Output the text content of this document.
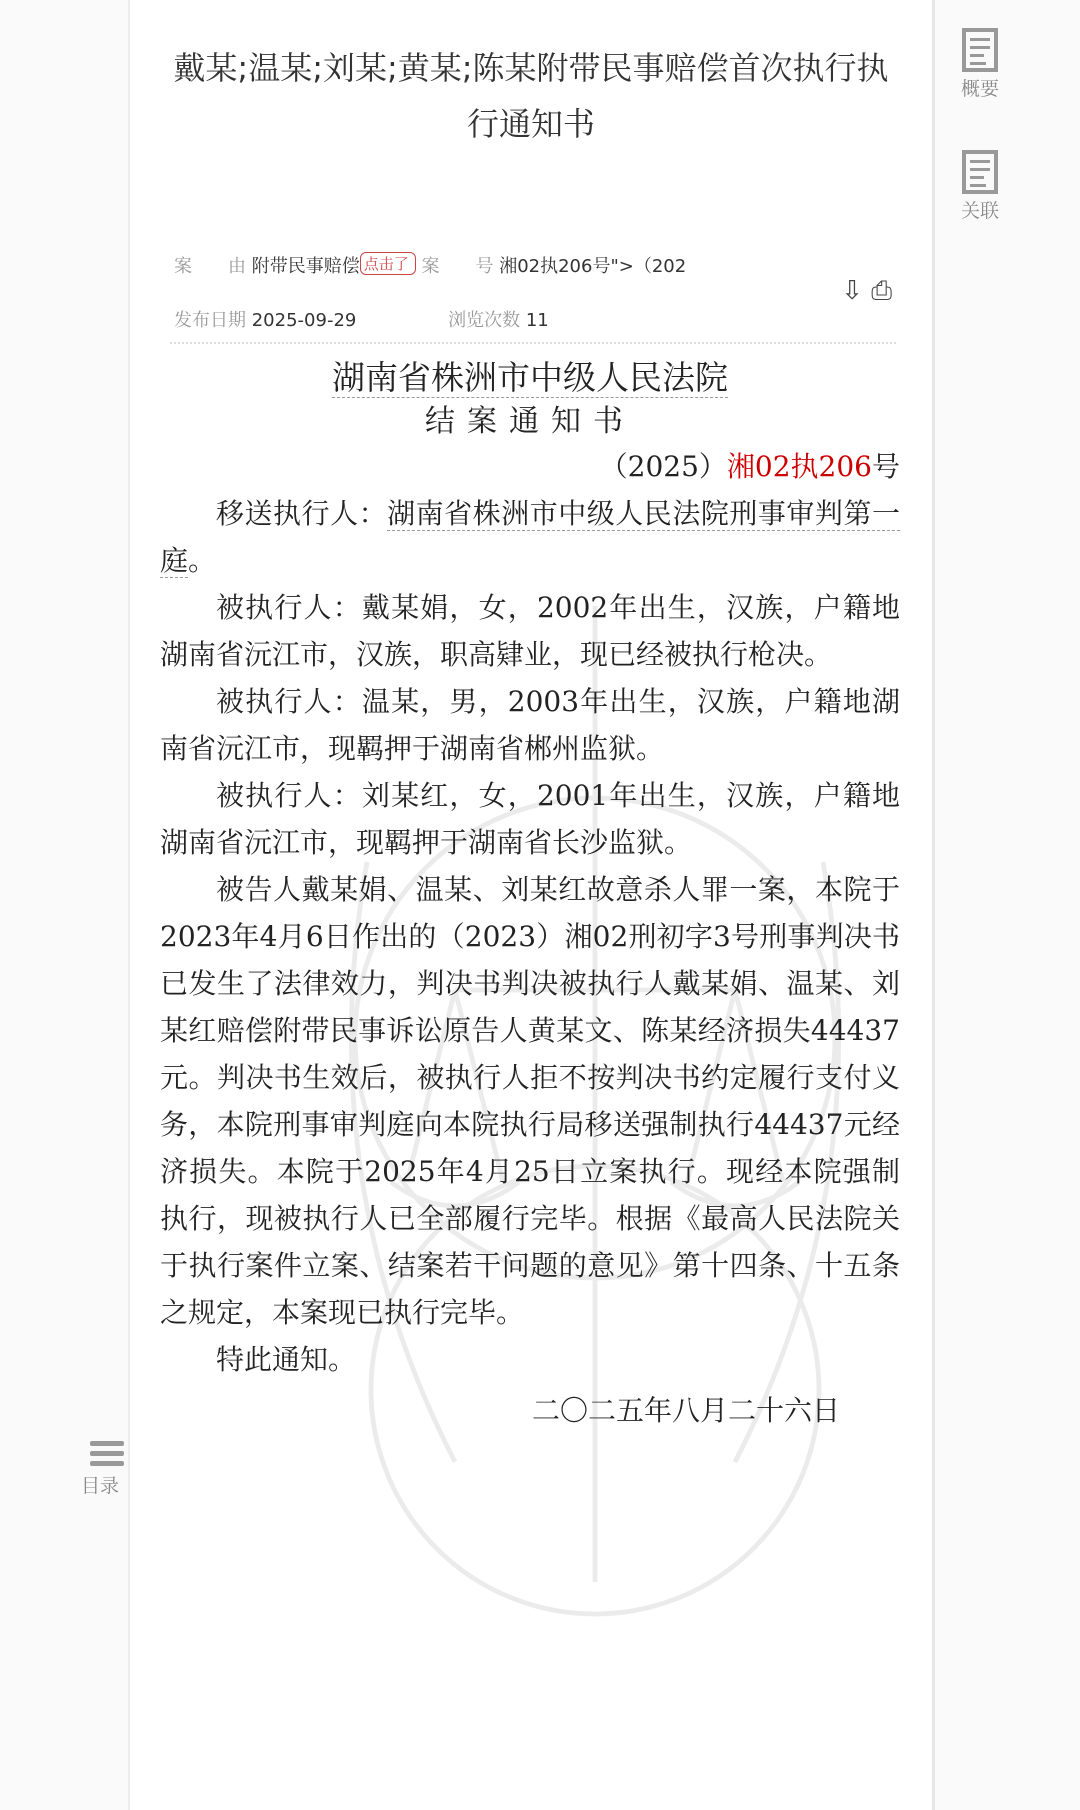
戴某;温某;刘某;黄某;陈某附带民事赔偿首次执行执行通知书
案　　由 附带民事赔偿 点击了 案　　号 湘02执206号">（202
发布日期 2025-09-29	浏览次数 11
⇩ ⎙
湖南省株洲市中级人民法院
结案通知书
（2025）湘02执206号

移送执行人：湖南省株洲市中级人民法院刑事审判第一庭。

被执行人：戴某娟，女，2002年出生，汉族，户籍地湖南省沅江市，汉族，职高肄业，现已经被执行枪决。

被执行人：温某，男，2003年出生，汉族，户籍地湖南省沅江市，现羁押于湖南省郴州监狱。

被执行人：刘某红，女，2001年出生，汉族，户籍地湖南省沅江市，现羁押于湖南省长沙监狱。

被告人戴某娟、温某、刘某红故意杀人罪一案，本院于2023年4月6日作出的（2023）湘02刑初字3号刑事判决书已发生了法律效力，判决书判决被执行人戴某娟、温某、刘某红赔偿附带民事诉讼原告人黄某文、陈某经济损失44437元。判决书生效后，被执行人拒不按判决书约定履行支付义务，本院刑事审判庭向本院执行局移送强制执行44437元经济损失。本院于2025年4月25日立案执行。现经本院强制执行，现被执行人已全部履行完毕。根据《最高人民法院关于执行案件立案、结案若干问题的意见》第十四条、十五条之规定，本案现已执行完毕。

特此通知。

二〇二五年八月二十六日
概要
关联
目录
